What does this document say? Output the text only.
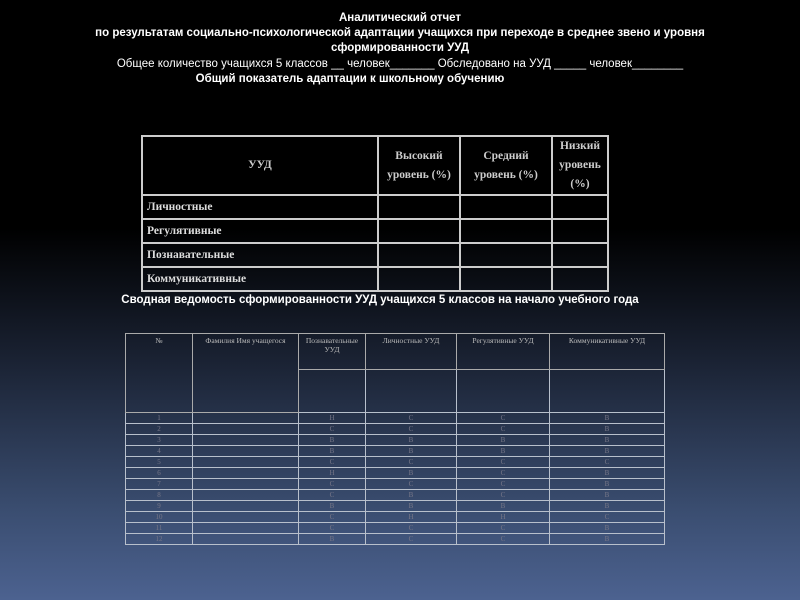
Аналитический отчет
по результатам социально-психологической адаптации учащихся при переходе в среднее звено и уровня
сформированности УУД
Общее количество учащихся 5 классов __ человек_______ Обследовано на УУД _____ человек________
Общий показатель адаптации к школьному обучению
УУД	Высокий уровень (%)	Средний уровень (%)	Низкий уровень (%)
Личностные			
Регулятивные			
Познавательные			
Коммуникативные			
Сводная ведомость сформированности УУД учащихся 5 классов на начало учебного года
№	Фамилия Имя учащегося	Познавательные УУД	Личностные УУД	Регулятивные УУД	Коммуникативные УУД

1		Н	С	С	В
2		С	С	С	В
3		В	В	В	В
4		В	В	В	В
5		С	С	С	С
6		Н	В	С	В
7		С	С	С	В
8		С	В	С	В
9		В	В	В	В
10		С	Н	Н	С
11		С	С	С	В
12		В	С	С	В
